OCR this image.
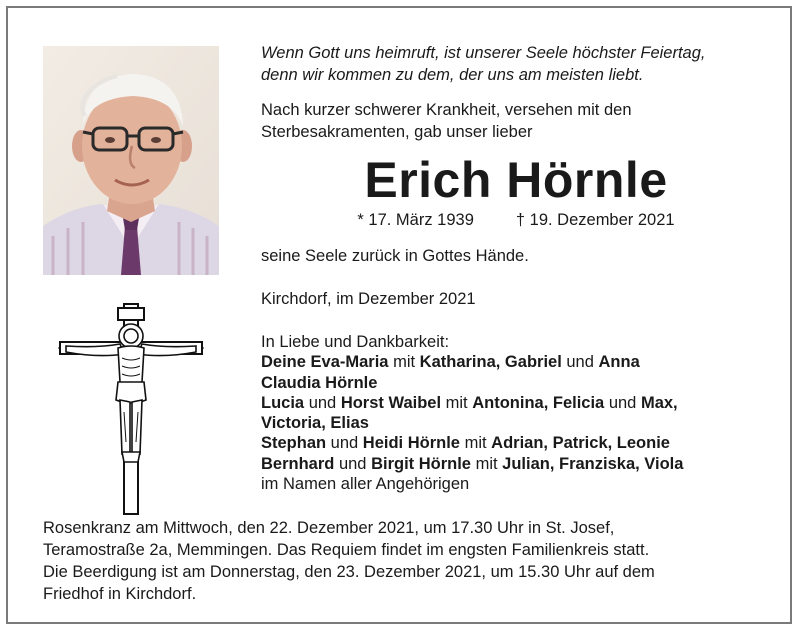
Wenn Gott uns heimruft, ist unserer Seele höchster Feiertag,

denn wir kommen zu dem, der uns am meisten liebt.

Nach kurzer schwerer Krankheit, versehen mit den

Sterbesakramenten, gab unser lieber

Erich Hörnle
* 17. März 1939	† 19. Dezember 2021
seine Seele zurück in Gottes Hände.
Kirchdorf, im Dezember 2021

In Liebe und Dankbarkeit:

Deine Eva-Maria mit Katharina, Gabriel und Anna

Claudia Hörnle

Lucia und Horst Waibel mit Antonina, Felicia und Max,

Victoria, Elias

Stephan und Heidi Hörnle mit Adrian, Patrick, Leonie

Bernhard und Birgit Hörnle mit Julian, Franziska, Viola

im Namen aller Angehörigen

Rosenkranz am Mittwoch, den 22. Dezember 2021, um 17.30 Uhr in St. Josef,

Teramostraße 2a, Memmingen. Das Requiem findet im engsten Familienkreis statt.

Die Beerdigung ist am Donnerstag, den 23. Dezember 2021, um 15.30 Uhr auf dem

Friedhof in Kirchdorf.
